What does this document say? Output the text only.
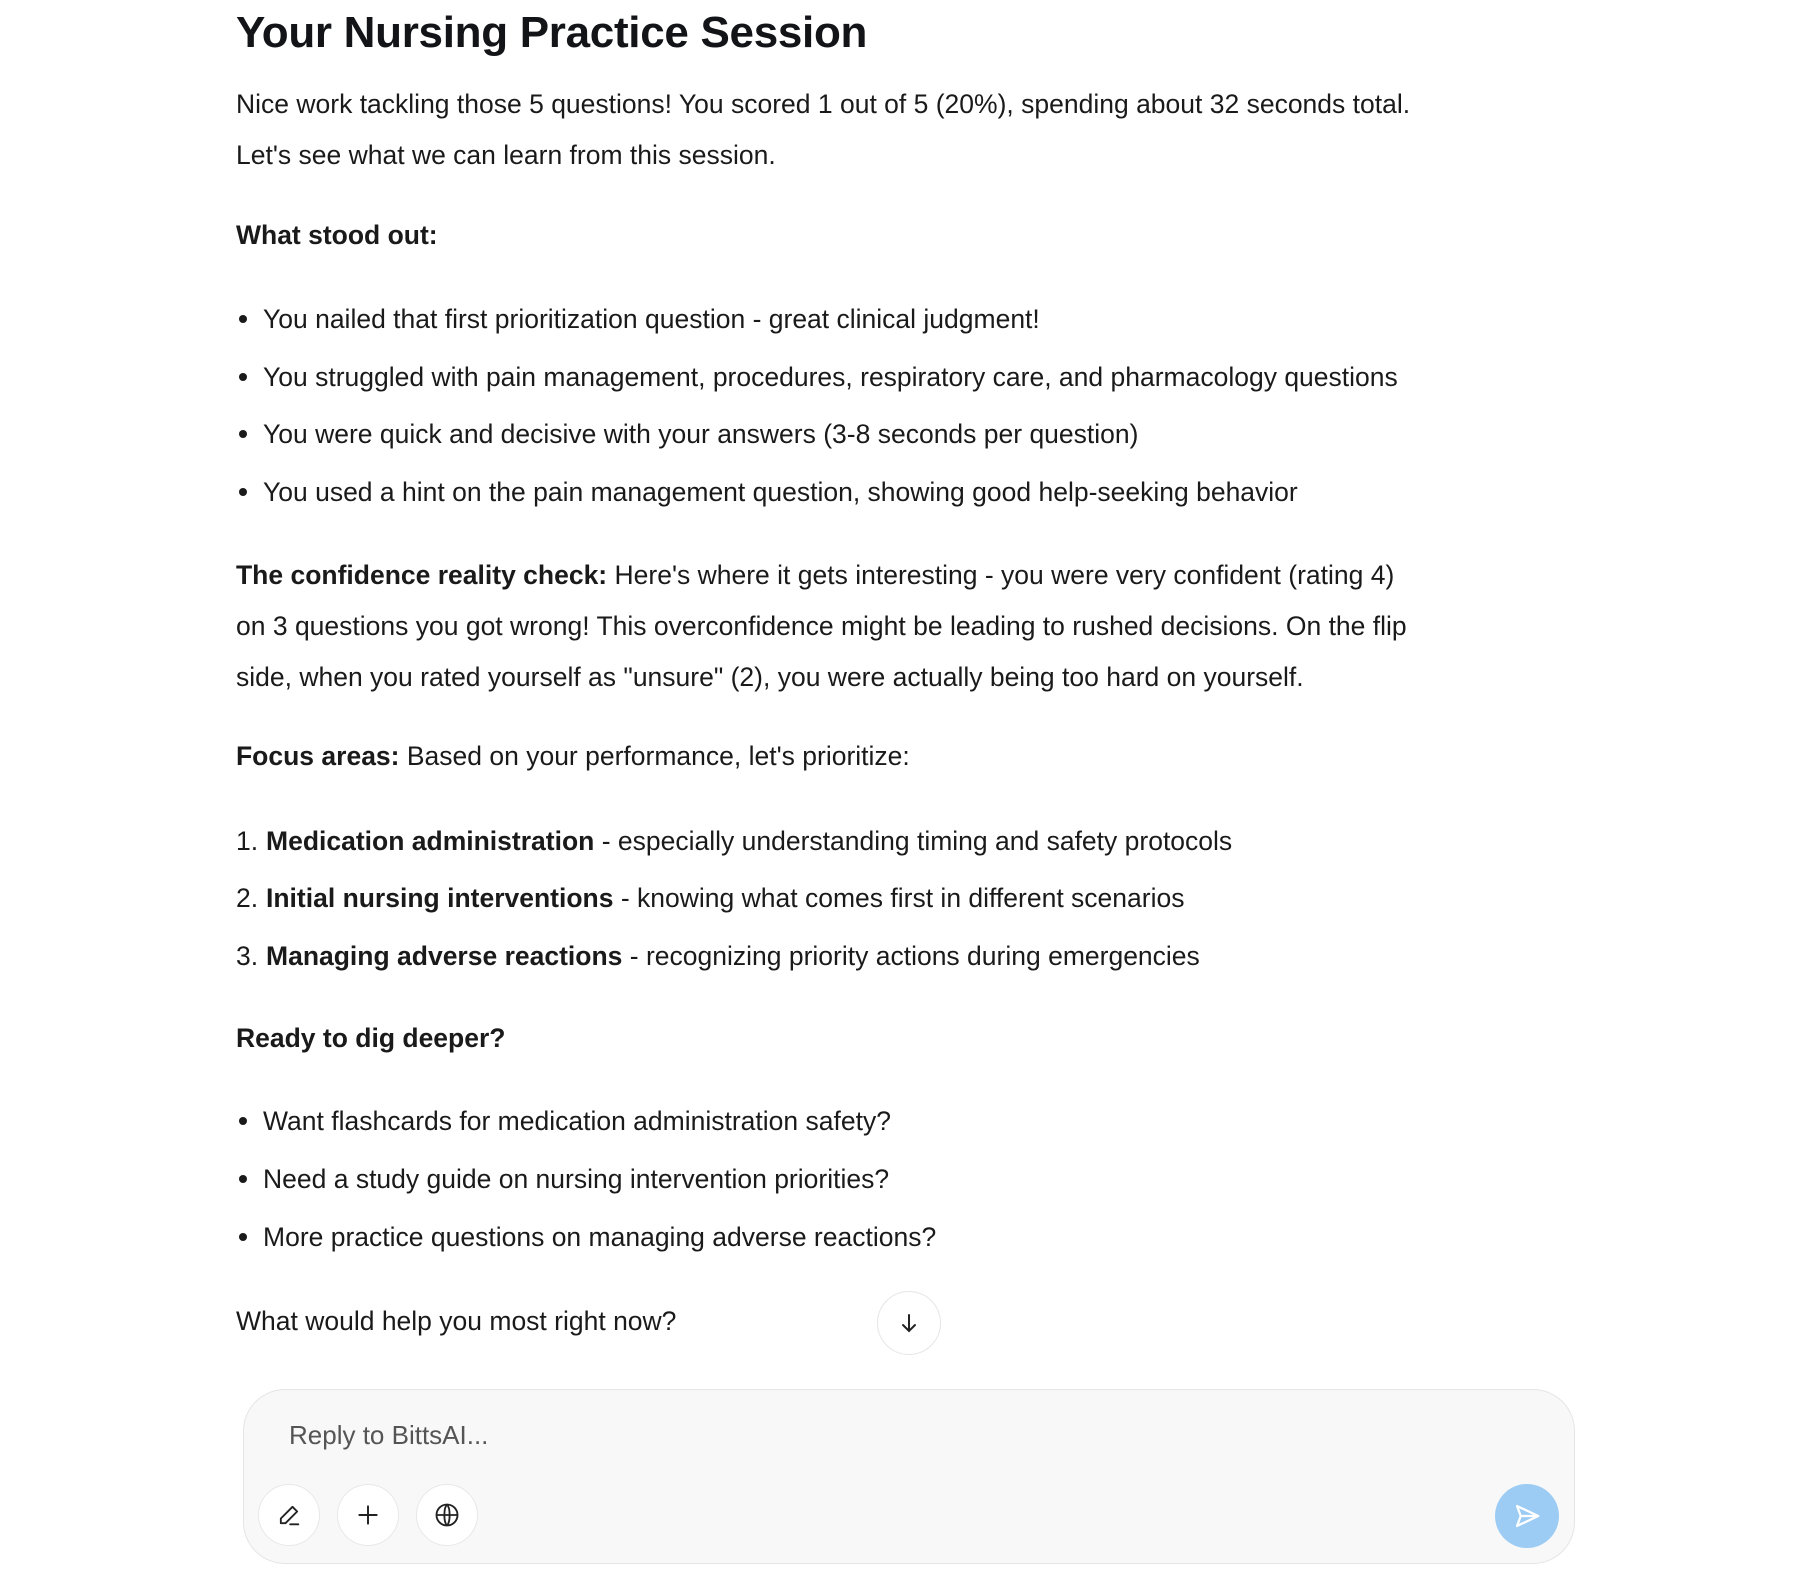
Your Nursing Practice Session
Nice work tackling those 5 questions! You scored 1 out of 5 (20%), spending about 32 seconds total.
Let's see what we can learn from this session.
What stood out:
You nailed that first prioritization question - great clinical judgment!
You struggled with pain management, procedures, respiratory care, and pharmacology questions
You were quick and decisive with your answers (3-8 seconds per question)
You used a hint on the pain management question, showing good help-seeking behavior
The confidence reality check: Here's where it gets interesting - you were very confident (rating 4)
on 3 questions you got wrong! This overconfidence might be leading to rushed decisions. On the flip
side, when you rated yourself as "unsure" (2), you were actually being too hard on yourself.
Focus areas: Based on your performance, let's prioritize:
1. Medication administration - especially understanding timing and safety protocols
2. Initial nursing interventions - knowing what comes first in different scenarios
3. Managing adverse reactions - recognizing priority actions during emergencies
Ready to dig deeper?
Want flashcards for medication administration safety?
Need a study guide on nursing intervention priorities?
More practice questions on managing adverse reactions?
What would help you most right now?
Reply to BittsAI...
